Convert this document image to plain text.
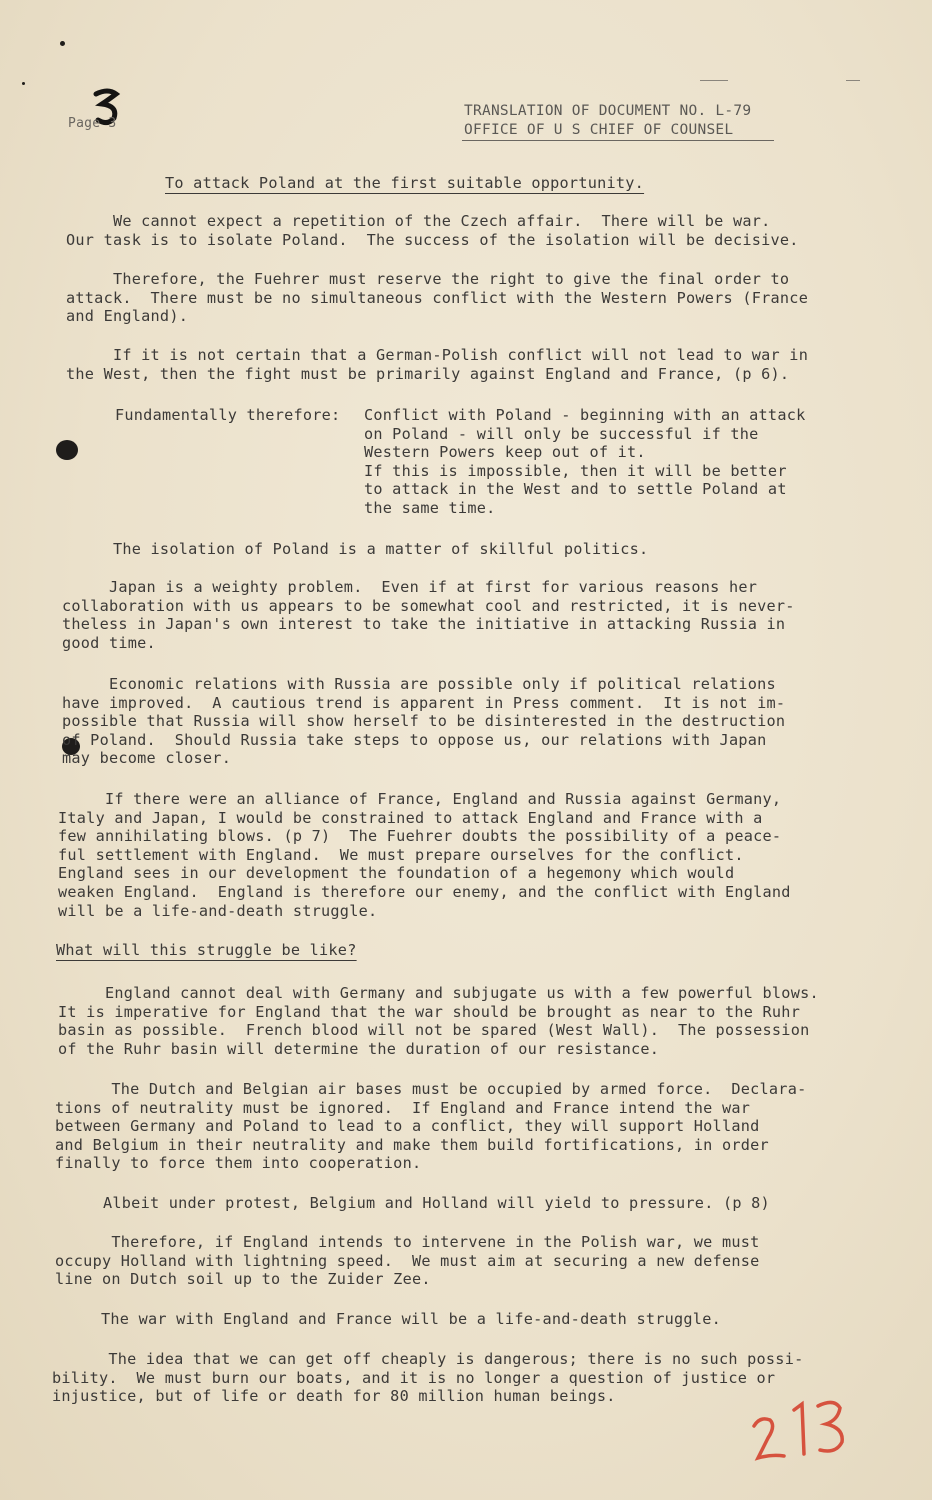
Page 3
TRANSLATION OF DOCUMENT NO. L-79
OFFICE OF U S CHIEF OF COUNSEL
To attack Poland at the first suitable opportunity.
We cannot expect a repetition of the Czech affair.  There will be war.
Our task is to isolate Poland.  The success of the isolation will be decisive.
Therefore, the Fuehrer must reserve the right to give the final order to
attack.  There must be no simultaneous conflict with the Western Powers (France
and England).
If it is not certain that a German-Polish conflict will not lead to war in
the West, then the fight must be primarily against England and France, (p 6).
Fundamentally therefore: Conflict with Poland - beginning with an attack
on Poland - will only be successful if the
Western Powers keep out of it.
If this is impossible, then it will be better
to attack in the West and to settle Poland at
the same time.
The isolation of Poland is a matter of skillful politics.
Japan is a weighty problem.  Even if at first for various reasons her
collaboration with us appears to be somewhat cool and restricted, it is never-
theless in Japan's own interest to take the initiative in attacking Russia in
good time.
Economic relations with Russia are possible only if political relations
have improved.  A cautious trend is apparent in Press comment.  It is not im-
possible that Russia will show herself to be disinterested in the destruction
of Poland.  Should Russia take steps to oppose us, our relations with Japan
may become closer.
If there were an alliance of France, England and Russia against Germany,
Italy and Japan, I would be constrained to attack England and France with a
few annihilating blows. (p 7)  The Fuehrer doubts the possibility of a peace-
ful settlement with England.  We must prepare ourselves for the conflict.
England sees in our development the foundation of a hegemony which would
weaken England.  England is therefore our enemy, and the conflict with England
will be a life-and-death struggle.
What will this struggle be like?
England cannot deal with Germany and subjugate us with a few powerful blows.
It is imperative for England that the war should be brought as near to the Ruhr
basin as possible.  French blood will not be spared (West Wall).  The possession
of the Ruhr basin will determine the duration of our resistance.
The Dutch and Belgian air bases must be occupied by armed force.  Declara-
tions of neutrality must be ignored.  If England and France intend the war
between Germany and Poland to lead to a conflict, they will support Holland
and Belgium in their neutrality and make them build fortifications, in order
finally to force them into cooperation.
Albeit under protest, Belgium and Holland will yield to pressure. (p 8)
Therefore, if England intends to intervene in the Polish war, we must
occupy Holland with lightning speed.  We must aim at securing a new defense
line on Dutch soil up to the Zuider Zee.
The war with England and France will be a life-and-death struggle.
The idea that we can get off cheaply is dangerous; there is no such possi-
bility.  We must burn our boats, and it is no longer a question of justice or
injustice, but of life or death for 80 million human beings.
